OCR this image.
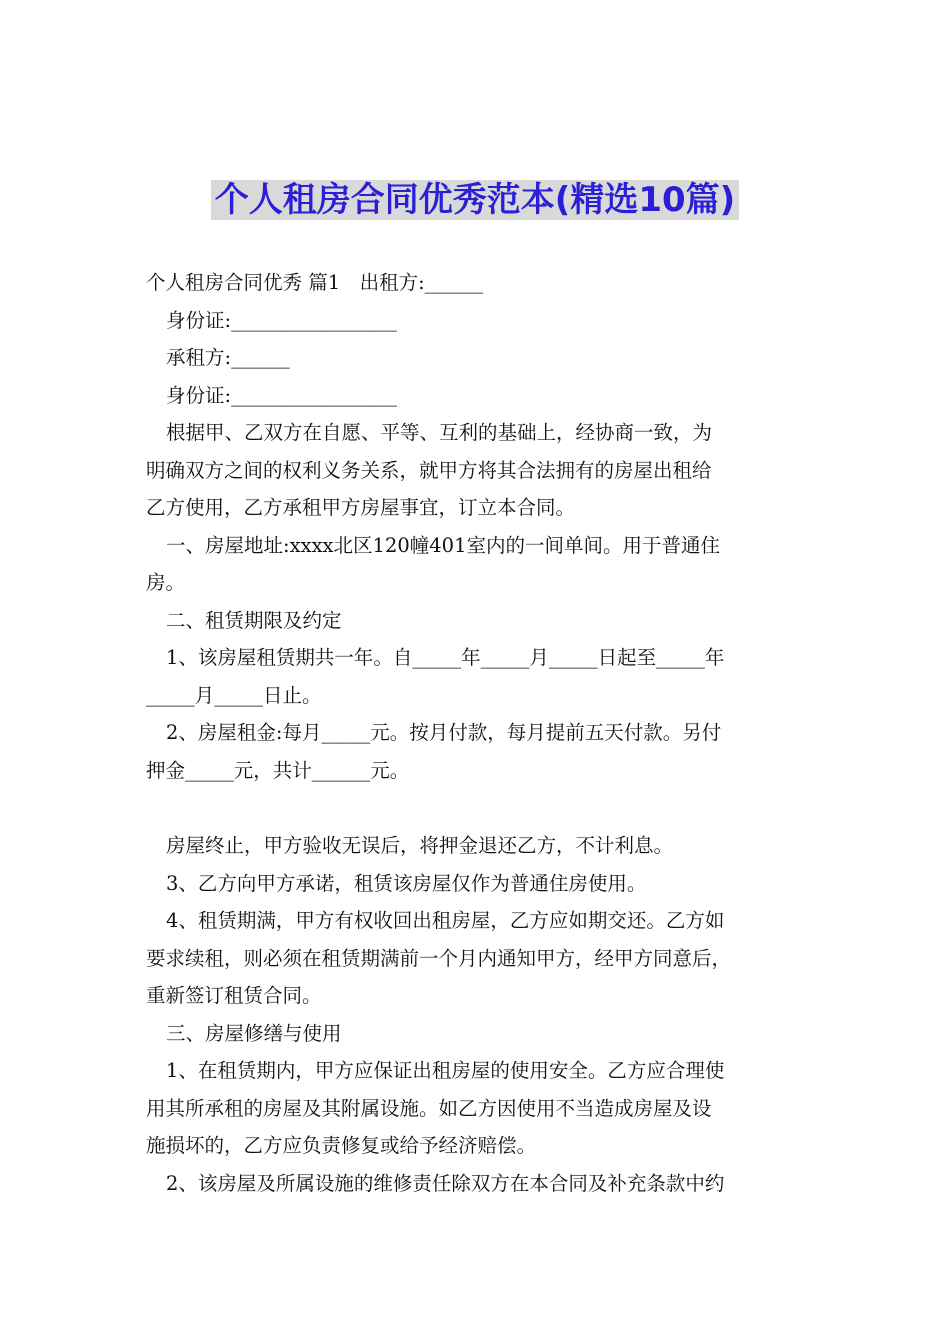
个人租房合同优秀范本(精选10篇)
个人租房合同优秀 篇1　出租方:______
身份证:_________________
承租方:______
身份证:_________________
根据甲、乙双方在自愿、平等、互利的基础上，经协商一致，为
明确双方之间的权利义务关系，就甲方将其合法拥有的房屋出租给
乙方使用，乙方承租甲方房屋事宜，订立本合同。
一、房屋地址:xxxx北区120幢401室内的一间单间。用于普通住
房。
二、租赁期限及约定
1、该房屋租赁期共一年。自_____年_____月_____日起至_____年
_____月_____日止。
2、房屋租金:每月_____元。按月付款，每月提前五天付款。另付
押金_____元，共计______元。
房屋终止，甲方验收无误后，将押金退还乙方，不计利息。
3、乙方向甲方承诺，租赁该房屋仅作为普通住房使用。
4、租赁期满，甲方有权收回出租房屋，乙方应如期交还。乙方如
要求续租，则必须在租赁期满前一个月内通知甲方，经甲方同意后，
重新签订租赁合同。
三、房屋修缮与使用
1、在租赁期内，甲方应保证出租房屋的使用安全。乙方应合理使
用其所承租的房屋及其附属设施。如乙方因使用不当造成房屋及设
施损坏的，乙方应负责修复或给予经济赔偿。
2、该房屋及所属设施的维修责任除双方在本合同及补充条款中约
